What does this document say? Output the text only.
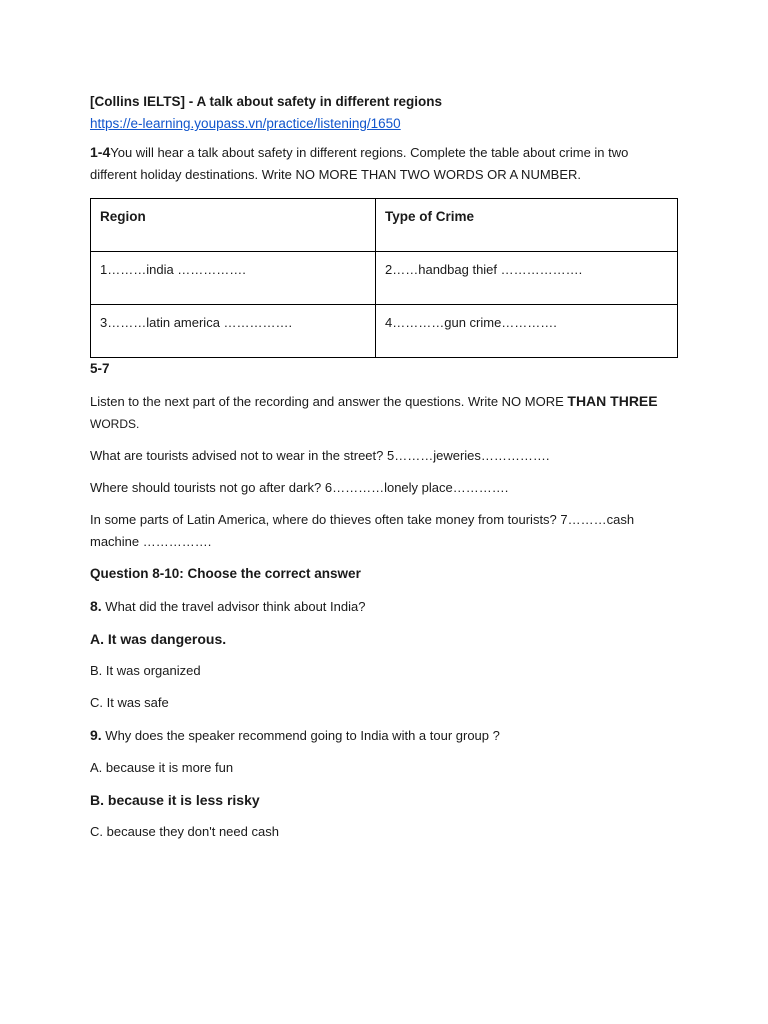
[Collins IELTS] - A talk about safety in different regions
https://e-learning.youpass.vn/practice/listening/1650

1-4You will hear a talk about safety in different regions. Complete the table about crime in two different holiday destinations. Write NO MORE THAN TWO WORDS OR A NUMBER.

Region	Type of Crime
1………india …………….	2……handbag thief ……………….
3………latin america …………….	4…………gun crime………….
5-7

Listen to the next part of the recording and answer the questions. Write NO MORE THAN THREE
WORDS.

What are tourists advised not to wear in the street? 5………jeweries…………….

Where should tourists not go after dark? 6…………lonely place………….

In some parts of Latin America, where do thieves often take money from tourists? 7………cash machine …………….

Question 8-10: Choose the correct answer

8. What did the travel advisor think about India?

A. It was dangerous.

B. It was organized

C. It was safe

9. Why does the speaker recommend going to India with a tour group ?

A. because it is more fun

B. because it is less risky

C. because they don't need cash
